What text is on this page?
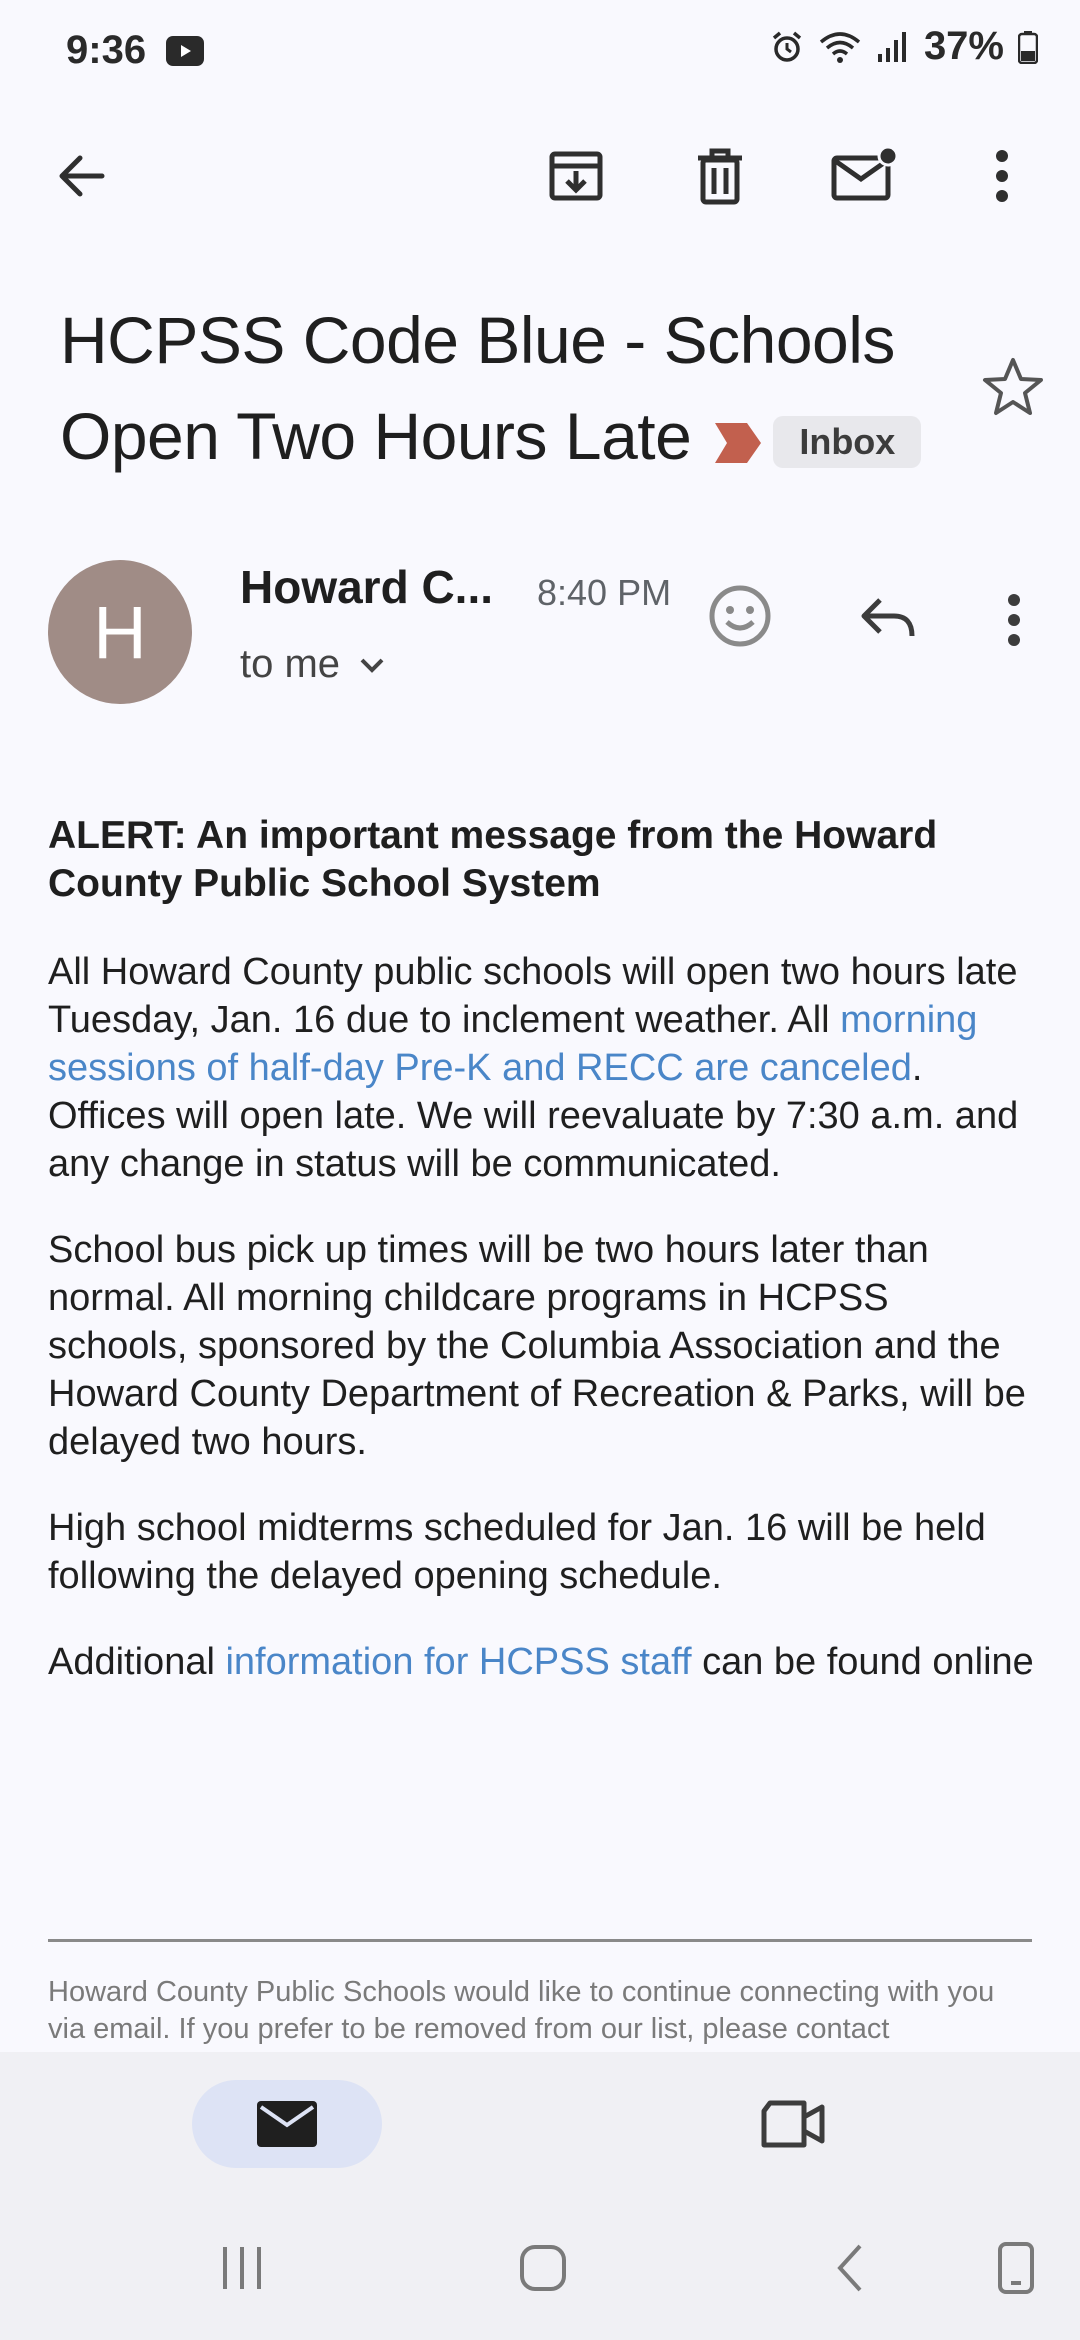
9:36	37%
HCPSS Code Blue - Schools Open Two Hours Late	Inbox
H
Howard C... 8:40 PM
to me

ALERT: An important message from the Howard County Public School System

All Howard County public schools will open two hours late Tuesday, Jan. 16 due to inclement weather. All morning sessions of half-day Pre-K and RECC are canceled. Offices will open late. We will reevaluate by 7:30 a.m. and any change in status will be communicated.

School bus pick up times will be two hours later than normal. All morning childcare programs in HCPSS schools, sponsored by the Columbia Association and the Howard County Department of Recreation & Parks, will be delayed two hours.

High school midterms scheduled for Jan. 16 will be held following the delayed opening schedule.

Additional information for HCPSS staff can be found online

Howard County Public Schools would like to continue connecting with you via email. If you prefer to be removed from our list, please contact
